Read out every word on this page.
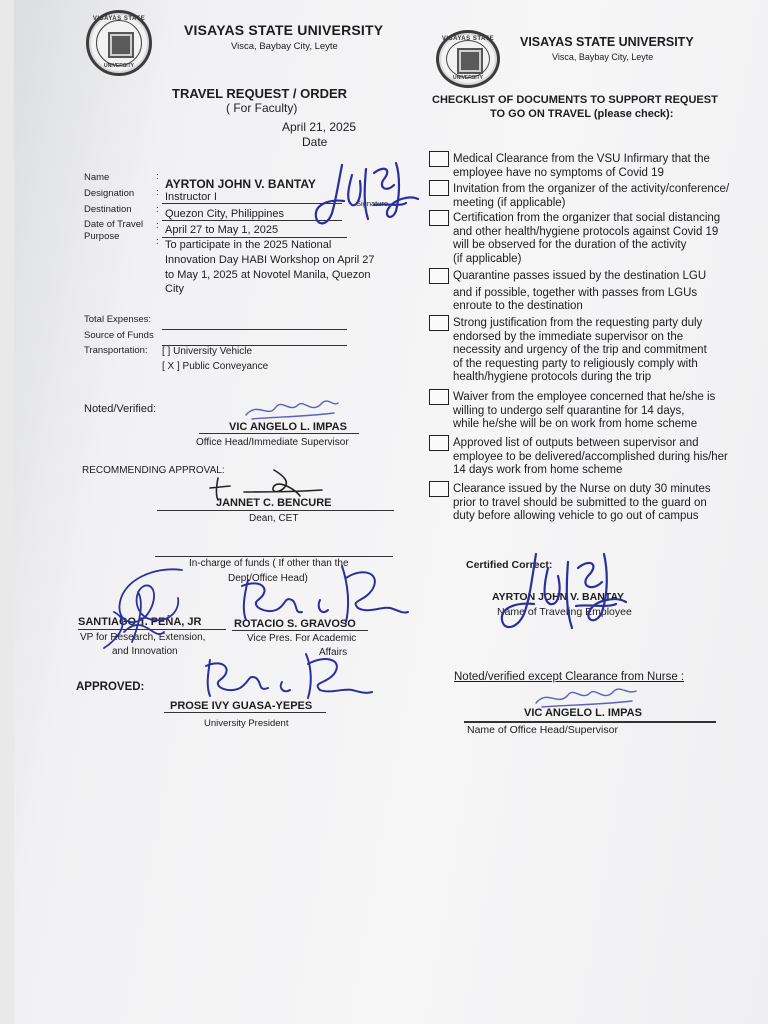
VISAYAS STATE
UNIVERSITY
VISAYAS STATE UNIVERSITY
Visca, Baybay City, Leyte
TRAVEL REQUEST / ORDER
( For Faculty)
April 21, 2025
Date
Name	:
AYRTON JOHN V. BANTAY
Signature
Designation : Instructor I
Destination	: Quezon City, Philippines
Date of Travel : April 27 to May 1, 2025
Purpose	: To participate in the 2025 National
Innovation Day HABI Workshop on April 27
to May 1, 2025 at Novotel Manila, Quezon
City
Total Expenses:
Source of Funds
Transportation: [ ] University Vehicle
[ X ] Public Conveyance
Noted/Verified:
VIC ANGELO L. IMPAS
Office Head/Immediate Supervisor
RECOMMENDING APPROVAL:
JANNET C. BENCURE
Dean, CET
In-charge of funds ( If other than the
Dept/Office Head)
SANTIAGO T. PEÑA, JR
VP for Research, Extension,
and Innovation
ROTACIO S. GRAVOSO
Vice Pres. For Academic
Affairs
APPROVED:
PROSE IVY GUASA-YEPES
University President
VISAYAS STATE
UNIVERSITY
VISAYAS STATE UNIVERSITY
Visca, Baybay City, Leyte
CHECKLIST OF DOCUMENTS TO SUPPORT REQUEST
TO GO ON TRAVEL (please check):
Medical Clearance from the VSU Infirmary that the
employee have no symptoms of Covid 19
Invitation from the organizer of the activity/conference/
meeting (if applicable)
Certification from the organizer that social distancing
and other health/hygiene protocols against Covid 19
will be observed for the duration of the activity
(if applicable)
Quarantine passes issued by the destination LGU
and if possible, together with passes from LGUs
enroute to the destination
Strong justification from the requesting party duly
endorsed by the immediate supervisor on the
necessity and urgency of the trip and commitment
of the requesting party to religiously comply with
health/hygiene protocols during the trip
Waiver from the employee concerned that he/she is
willing to undergo self quarantine for 14 days,
while he/she will be on work from home scheme
Approved list of outputs between supervisor and
employee to be delivered/accomplished during his/her
14 days work from home scheme
Clearance issued by the Nurse on duty 30 minutes
prior to travel should be submitted to the guard on
duty before allowing vehicle to go out of campus
Certified Correct:
AYRTON JOHN V. BANTAY
Name of Traveling Employee
Noted/verified except Clearance from Nurse :
VIC ANGELO L. IMPAS
Name of Office Head/Supervisor
